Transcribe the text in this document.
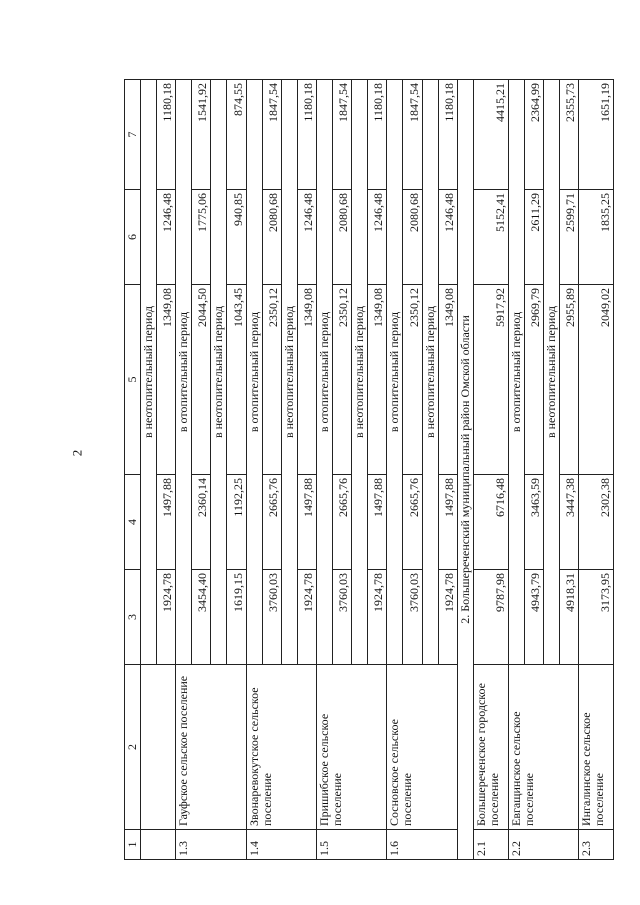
2
1	2	3	4	5	6	7
		в неотопительный период				
		1924,78	1497,88	1349,08	1246,48	1180,18
1.3	Гауфское сельское поселение	в отопительный период				
		3454,40	2360,14	2044,50	1775,06	1541,92
		в неотопительный период				
		1619,15	1192,25	1043,45	940,85	874,55
1.4	Звонаревокутское сельское поселение	в отопительный период				
		3760,03	2665,76	2350,12	2080,68	1847,54
		в неотопительный период				
		1924,78	1497,88	1349,08	1246,48	1180,18
1.5	Пришибское сельское поселение	в отопительный период				
		3760,03	2665,76	2350,12	2080,68	1847,54
		в неотопительный период				
		1924,78	1497,88	1349,08	1246,48	1180,18
1.6	Сосновское сельское поселение	в отопительный период				
		3760,03	2665,76	2350,12	2080,68	1847,54
		в неотопительный период				
		1924,78	1497,88	1349,08	1246,48	1180,18
2. Большереченский муниципальный район Омской области						
2.1	Большереченское городское поселение	9787,98	6716,48	5917,92	5152,41	4415,21
2.2	Евгащинское сельское поселение	в отопительный период				
		4943,79	3463,59	2969,79	2611,29	2364,99
		в неотопительный период				
		4918,31	3447,38	2955,89	2599,71	2355,73
2.3	Ингалинское сельское поселение	3173,95	2302,38	2049,02	1835,25	1651,19
